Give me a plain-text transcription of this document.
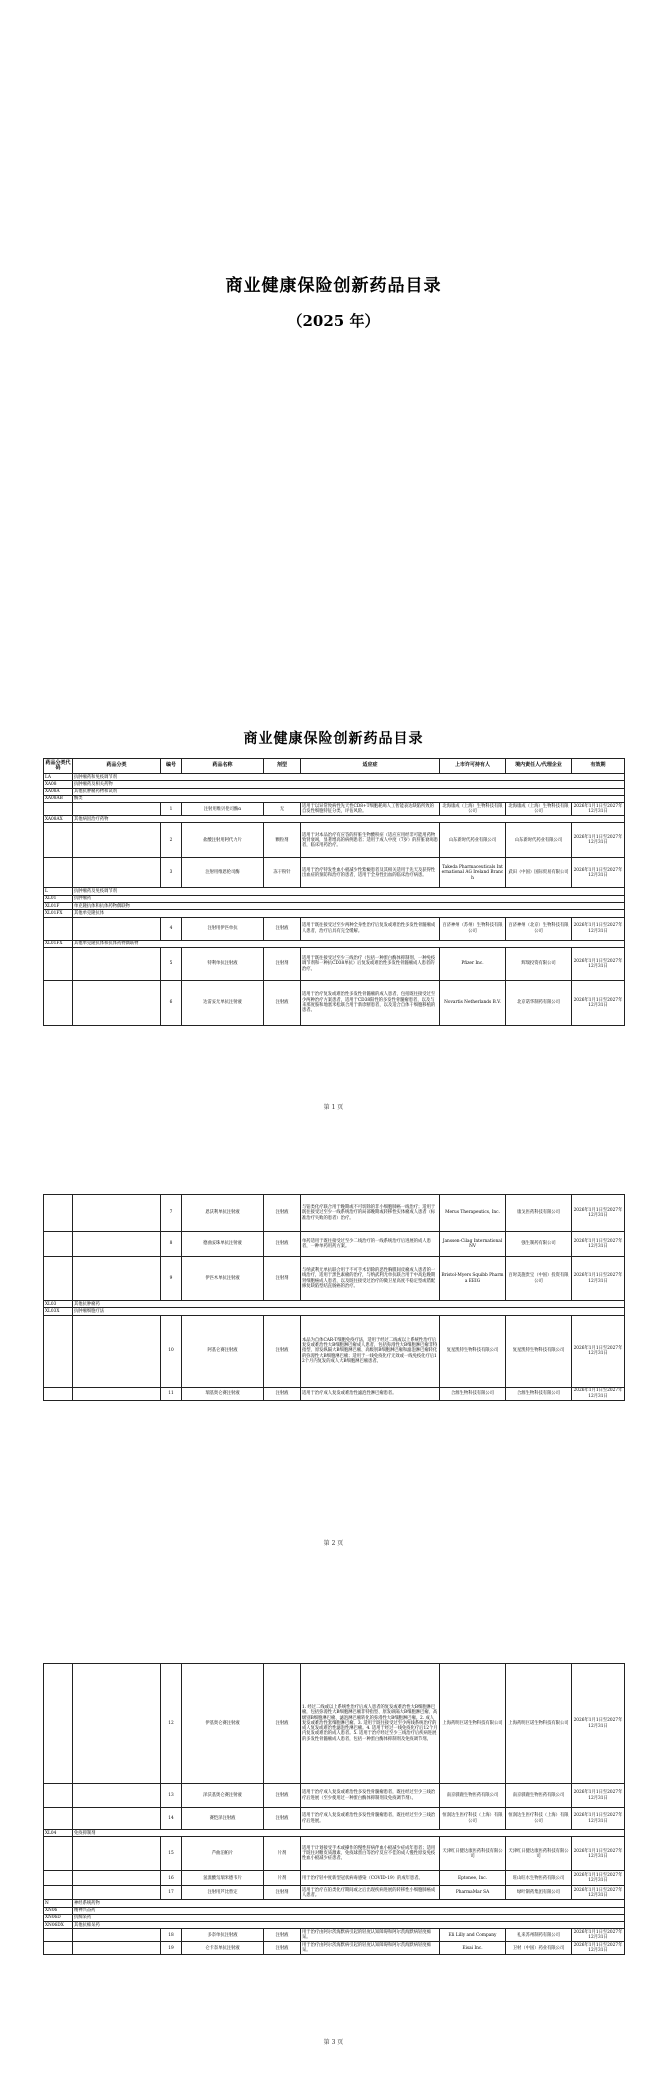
商业健康保险创新药品目录
（2025 年）
商业健康保险创新药品目录
药品分类代码	药品分类	编号	药品名称	剂型	适应症	上市许可持有人	境内责任人/代理企业	有效期
LA	抗肿瘤药和免疫调节剂							
XA08	抗肿瘤药及相关药物							
XA08A	其他抗肿瘤药物和试剂							
XA08AB	酶类							
		1	注射用维贝伦司酶α	无	适用于以异常致病性先天性CD8+T细胞耗竭人工智能表达缺陷所致的自发性细胞特征分类，评估风险。	北海康成（上海）生物科技有限公司	北海康成（上海）生物科技有限公司	2026年1月1日至2027年12月31日
XA08AX	其他病因治疗药物							
		2	盐酸注射用阿代力片	颗粒剂	适用于对本品治疗有应答的肝脏生物酸积症（适应应用经非可能用药物致肾衰竭，显著增高的病例患者；适用于成人中度（7岁）的肝脏衰竭患者，临床用药治疗。	山东新时代药业有限公司	山东新时代药业有限公司	2026年1月1日至2027年12月31日
		3	注射用维恩伦司酶	冻干粉针	适用于治疗特发性血小板减少性紫癜患者及其相关适用于先天及获得性出血症的预防和治疗的患者，适用于全身性出血的临床治疗病患。	Takeda Pharmaceuticals International AG Ireland Branch	武田（中国）国际贸易有限公司	2026年1月1日至2027年12月31日
L	抗肿瘤药及免疫调节剂							
XL01	抗肿瘤药							
XL01F	单克隆抗体和抗体药物偶联物							
XL01FX	其他单克隆抗体							
		4	注射用伊匹单抗	注射液	适用于既往接受过至少两种全身性治疗后复发或难治性多发性骨髓瘤成人患者，治疗后具有完全缓解。	百济神州（苏州）生物科技有限公司	百济神州（北京）生物科技有限公司	2026年1月1日至2027年12月31日
XL01FX	其他单克隆抗体和抗体药物偶联物							
		5	特利单抗注射液	注射剂	适用于既往接受过至少三线治疗（包括一种蛋白酶体抑制剂、一种免疫调节剂和一种抗CD38单抗）后复发或难治性多发性骨髓瘤成人患者的治疗。	Pfizer Inc.	辉瑞投资有限公司	2026年1月1日至2027年12月31日
		6	达雷妥尤单抗注射液	注射液	适用于治疗复发或难治性多发性骨髓瘤的成人患者，包括既往接受过至少两种治疗方案患者，适用于CD38阳性的多发性骨髓瘤患者，以及与来那度胺和地塞米松联合用于新诊断患者，以及适合自体干细胞移植的患者。	Novartis Netherlands B.V.	北京诺华制药有限公司	2026年1月1日至2027年12月31日
第 1 页
		7	恩沃利单抗注射液	注射液	与铂类化疗联合用于晚期或不可切除的非小细胞肺癌一线治疗；适用于既往接受过至少一线系统治疗的局部晚期或转移性实体瘤成人患者（标准治疗失败的患者）治疗。	Merus Therapeutics, Inc.	康戈医药科技有限公司	2026年1月1日至2027年12月31日
		8	德曲妥珠单抗注射液	注射液	单药适用于既往接受过至少二线治疗的一线系统治疗后进展的成人患者，一种单药用药方案。	Janssen-Cilag International NV	强生制药有限公司	2026年1月1日至2027年12月31日
		9	伊匹木单抗注射液	注射剂	与纳武利尤单抗联合用于不可手术切除的恶性胸膜间皮瘤成人患者的一线治疗，适用于黑色素瘤的治疗，与纳武利尤单抗联合用于中高危晚期肾细胞癌成人患者，以及既往接受过治疗的微卫星高度不稳定型或错配修复缺陷型结直肠癌的治疗。	Bristol-Myers Squibb Pharma EEIG	百时美施贵宝（中国）投资有限公司	2026年1月1日至2027年12月31日
XL03	其他抗肿瘤药							
XL03X	抗肿瘤细胞疗法							
		10	阿基仑赛注射液	注射液	本品为自体CAR-T细胞免疫疗法，适用于经过二线或以上系统性治疗后复发或难治性大B细胞淋巴瘤成人患者，包括弥漫性大B细胞淋巴瘤非特指型、原发纵隔大B细胞淋巴瘤、高级别B细胞淋巴瘤和滤泡淋巴瘤转化的弥漫性大B细胞淋巴瘤；适用于一线免疫化疗无效或一线免疫化疗后12个月内复发的成人大B细胞淋巴瘤患者。	复星凯特生物科技有限公司	复星凯特生物科技有限公司	2026年1月1日至2027年12月31日
		11	瑞基奥仑赛注射液	注射液	适用于治疗成人复发或难治性滤泡性淋巴瘤患者。	合源生物科技有限公司	合源生物科技有限公司	2026年1月1日至2027年12月31日
第 2 页
		12	伊基奥仑赛注射液	注射液	1. 经过二线或以上系统性治疗后成人患者的复发或难治性大B细胞淋巴瘤，包括弥漫性大B细胞淋巴瘤非特指型、原发纵隔大B细胞淋巴瘤、高级别B细胞淋巴瘤、滤泡淋巴瘤转化的弥漫性大B细胞淋巴瘤。2. 成人复发或难治性套细胞淋巴瘤。3. 适用于既往接受过至少两线系统治疗的成人复发或难治性滤泡性淋巴瘤。4. 适用于经过一线免疫化疗后12个月内复发或难治的成人患者。5. 适用于治疗经过至少三线治疗后疾病进展的多发性骨髓瘤成人患者，包括一种蛋白酶体抑制剂及免疫调节剂。	上海药明巨诺生物科技有限公司	上海药明巨诺生物科技有限公司	2026年1月1日至2027年12月31日
		13	泽沃基奥仑赛注射液	注射液	适用于治疗成人复发或难治性多发性骨髓瘤患者，既往经过至少三线治疗后进展（至少使用过一种蛋白酶体抑制剂及免疫调节剂）。	南京驯鹿生物医药有限公司	南京驯鹿生物医药有限公司	2026年1月1日至2027年12月31日
		14	赛恺泽注射液	注射液	适用于治疗成人复发或难治性多发性骨髓瘤患者，既往经过至少三线治疗后进展。	恒润达生医疗科技（上海）有限公司	恒润达生医疗科技（上海）有限公司	2026年1月1日至2027年12月31日
XL04	免疫抑制剂							
		15	芦曲泊帕片	片剂	适用于计划接受手术或操作的慢性肝病伴血小板减少症成年患者；适用于既往对糖皮质激素、免疫球蛋白等治疗反应不佳的成人慢性原发免疫性血小板减少症患者。	天津红日健达康医药科技有限公司	天津红日健达康医药科技有限公司	2026年1月1日至2027年12月31日
		16	氢溴酸氘瑞米德韦片	片剂	用于治疗轻中度新型冠状病毒感染（COVID-19）的成年患者。	Eptonee, Inc.	旺山旺水生物医药有限公司	2026年1月1日至2027年12月31日
		17	注射用芦比替定	注射剂	适用于治疗在铂类化疗期间或之后出现疾病进展的转移性小细胞肺癌成人患者。	PharmaMar SA	绿叶制药集团有限公司	2026年1月1日至2027年12月31日
N	神经系统药物							
XN06	精神兴奋药							
XN06D	抗痴呆药							
XN06DX	其他抗痴呆药							
		18	多奈单抗注射液	注射液	用于治疗由阿尔茨海默病引起的轻度认知障碍和阿尔茨海默病轻度痴呆。	Eli Lilly and Company	礼来苏州制药有限公司	2026年1月1日至2027年12月31日
		19	仑卡奈单抗注射液	注射液	用于治疗由阿尔茨海默病引起的轻度认知障碍和阿尔茨海默病轻度痴呆。	Eisai Inc.	卫材（中国）药业有限公司	2026年1月1日至2027年12月31日
第 3 页
